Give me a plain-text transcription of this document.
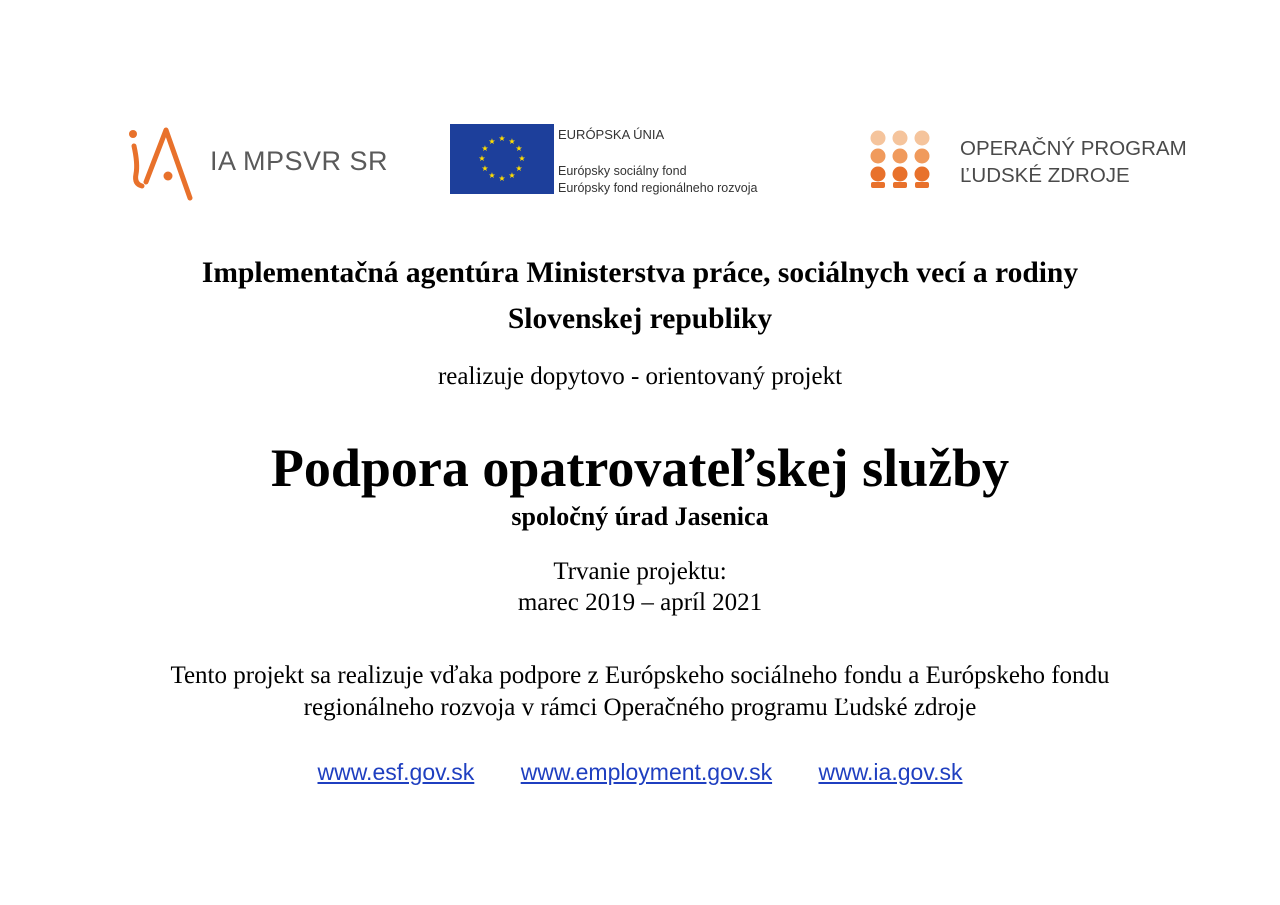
IA MPSVR SR
★ ★
★
★
★
★
★
★
★
★
★
★	EURÓPSKA ÚNIA
Európsky sociálny fond
Európsky fond regionálneho rozvoja
OPERAČNÝ PROGRAM
ĽUDSKÉ ZDROJE
Implementačná agentúra Ministerstva práce, sociálnych vecí a rodiny
Slovenskej republiky
realizuje dopytovo - orientovaný projekt
Podpora opatrovateľskej služby
spoločný úrad Jasenica
Trvanie projektu:
marec 2019 – apríl 2021
Tento projekt sa realizuje vďaka podpore z Európskeho sociálneho fondu a Európskeho fondu
regionálneho rozvoja v rámci Operačného programu Ľudské zdroje
www.esf.gov.sk www.employment.gov.sk www.ia.gov.sk
